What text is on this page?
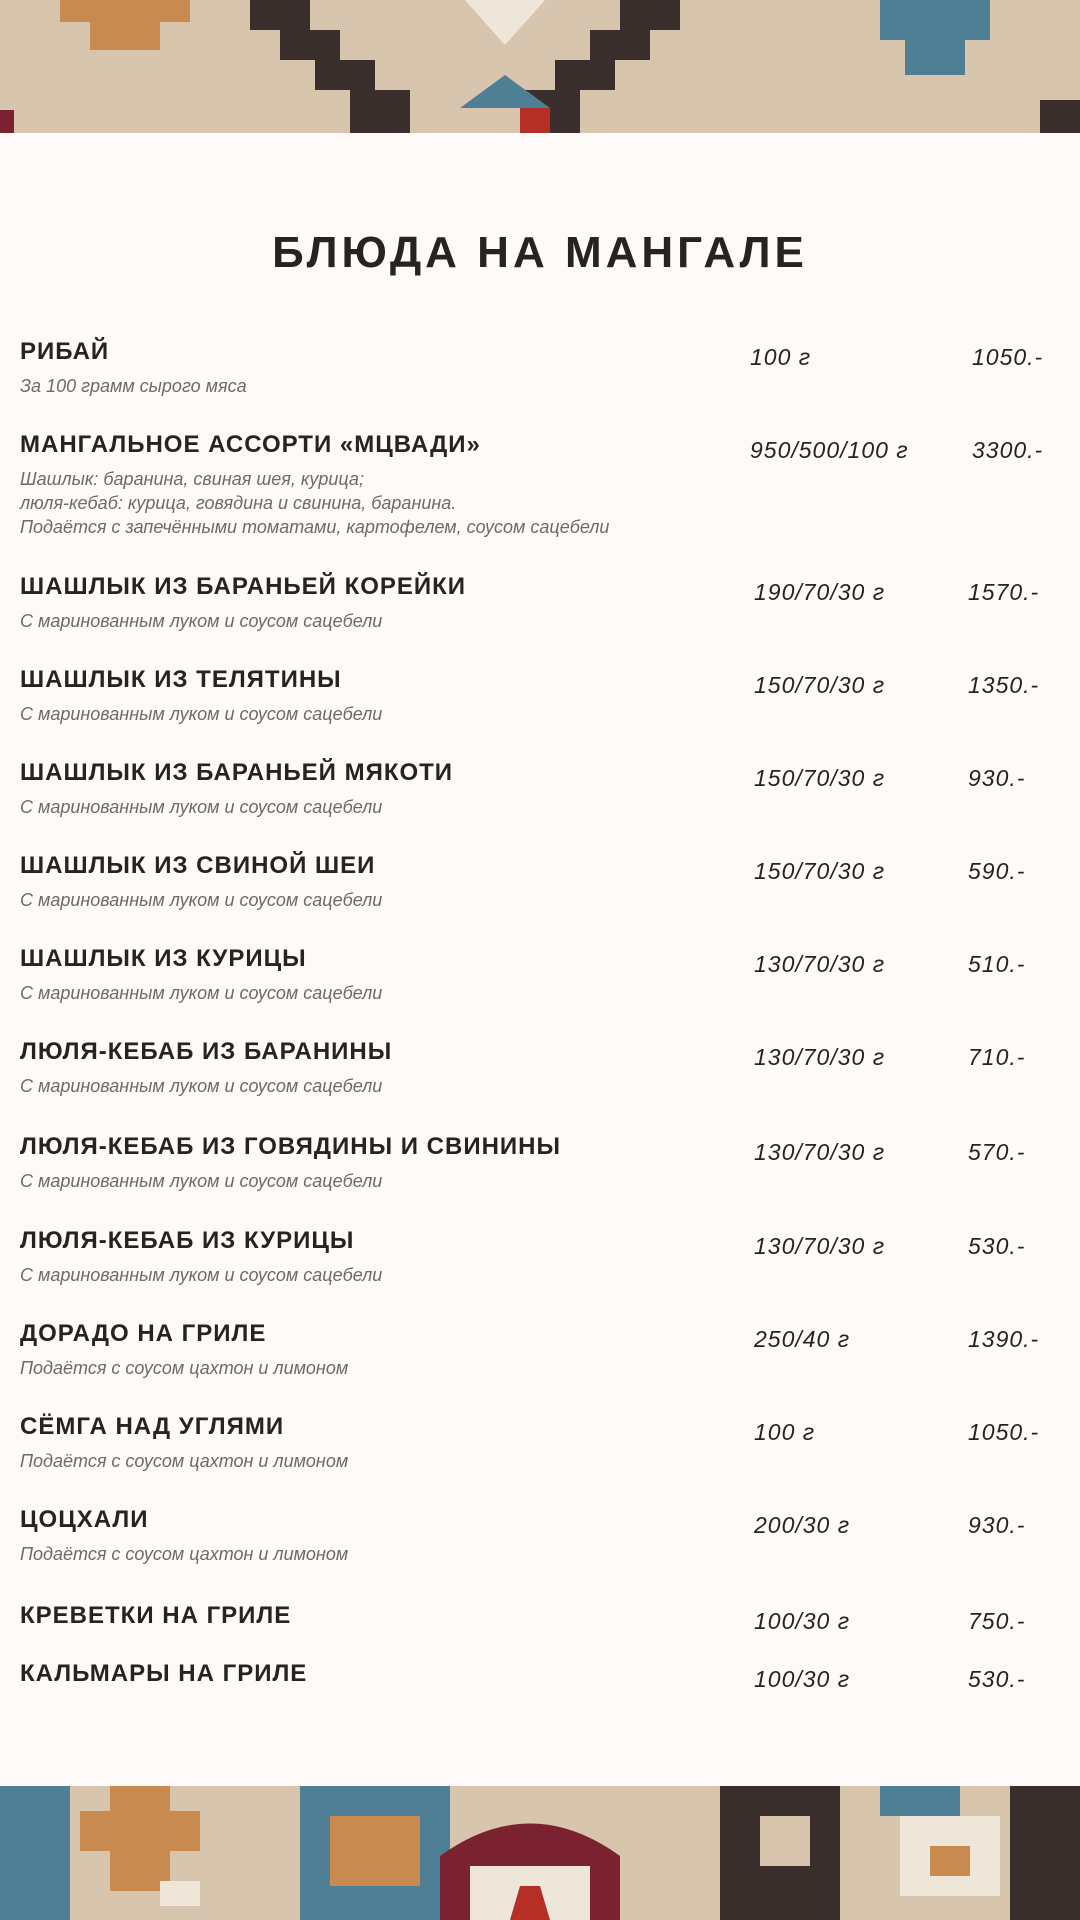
БЛЮДА НА МАНГАЛЕ
РИБАЙ
За 100 грамм сырого мяса
100 г	1050.-
МАНГАЛЬНОЕ АССОРТИ «МЦВАДИ»
Шашлык: баранина, свиная шея, курица;
люля-кебаб: курица, говядина и свинина, баранина.
Подаётся с запечёнными томатами, картофелем, соусом сацебели
950/500/100 г	3300.-
ШАШЛЫК ИЗ БАРАНЬЕЙ КОРЕЙКИ
С маринованным луком и соусом сацебели
190/70/30 г	1570.-
ШАШЛЫК ИЗ ТЕЛЯТИНЫ
С маринованным луком и соусом сацебели
150/70/30 г	1350.-
ШАШЛЫК ИЗ БАРАНЬЕЙ МЯКОТИ
С маринованным луком и соусом сацебели
150/70/30 г	930.-
ШАШЛЫК ИЗ СВИНОЙ ШЕИ
С маринованным луком и соусом сацебели
150/70/30 г	590.-
ШАШЛЫК ИЗ КУРИЦЫ
С маринованным луком и соусом сацебели
130/70/30 г	510.-
ЛЮЛЯ-КЕБАБ ИЗ БАРАНИНЫ
С маринованным луком и соусом сацебели
130/70/30 г	710.-
ЛЮЛЯ-КЕБАБ ИЗ ГОВЯДИНЫ И СВИНИНЫ
С маринованным луком и соусом сацебели
130/70/30 г	570.-
ЛЮЛЯ-КЕБАБ ИЗ КУРИЦЫ
С маринованным луком и соусом сацебели
130/70/30 г	530.-
ДОРАДО НА ГРИЛЕ
Подаётся с соусом цахтон и лимоном
250/40 г	1390.-
СЁМГА НАД УГЛЯМИ
Подаётся с соусом цахтон и лимоном
100 г	1050.-
ЦОЦХАЛИ
Подаётся с соусом цахтон и лимоном
200/30 г	930.-
КРЕВЕТКИ НА ГРИЛЕ	100/30 г	750.-
КАЛЬМАРЫ НА ГРИЛЕ	100/30 г	530.-
